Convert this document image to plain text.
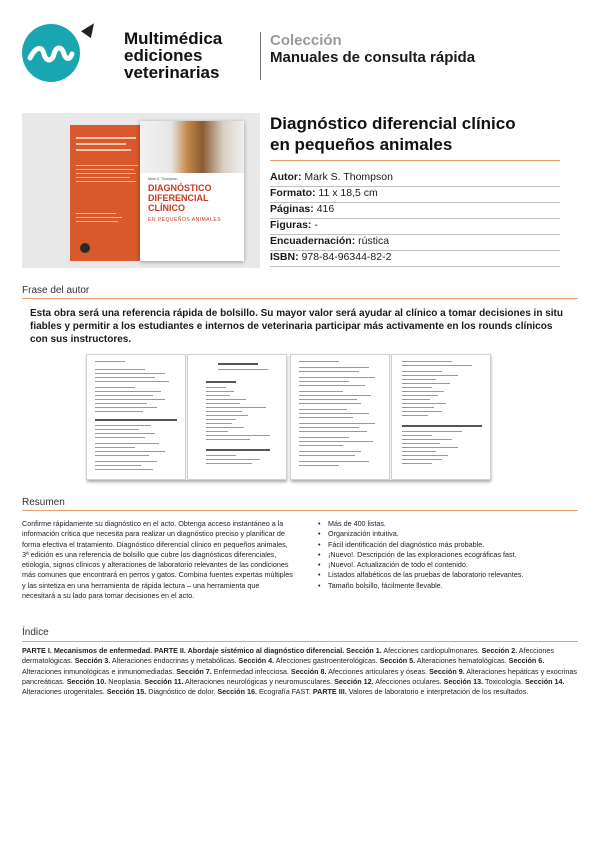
Multimédica
ediciones
veterinarias
Colección
Manuales de consulta rápida
Mark S. Thompson
DIAGNÓSTICO
DIFERENCIAL
CLÍNICO
EN PEQUEÑOS ANIMALES
Diagnóstico diferencial clínico
en pequeños animales
Autor: Mark S. Thompson
Formato: 11 x 18,5 cm
Páginas: 416
Figuras: -
Encuadernación: rústica
ISBN: 978-84-96344-82-2
Frase del autor
Esta obra será una referencia rápida de bolsillo. Su mayor valor será ayudar al clínico a tomar decisiones in situ fiables y permitir a los estudiantes e internos de veterinaria participar más activamente en los rounds clínicos con sus instructores.
Resumen
Confirme rápidamente su diagnóstico en el acto. Obtenga acceso instantáneo a la información crítica que necesita para realizar un diagnóstico preciso y planificar de forma efectiva el tratamiento. Diagnóstico diferencial clínico en pequeños animales, 3ª edición es una referencia de bolsillo que cubre los diagnósticos diferenciales, etiología, signos clínicos y alteraciones de laboratorio relevantes de las condiciones más comunes que encontrará en perros y gatos. Combina fuentes expertas múltiples y las sintetiza en una herramienta de rápida lectura – una herramienta que necesitará a su lado para tomar decisiones en el acto.
• Más de 400 listas.
• Organización intuitiva.
• Fácil identificación del diagnóstico más probable.
• ¡Nuevo!. Descripción de las exploraciones ecográficas fast.
• ¡Nuevo!. Actualización de todo el contenido.
• Listados alfabéticos de las pruebas de laboratorio relevantes.
• Tamaño bolsillo, fácilmente llevable.
Índice
PARTE I. Mecanismos de enfermedad. PARTE II. Abordaje sistémico al diagnóstico diferencial. Sección 1. Afecciones cardiopulmonares. Sección 2. Afecciones dermatológicas. Sección 3. Alteraciones endocrinas y metabólicas. Sección 4. Afecciones gastroenterológicas. Sección 5. Alteraciones hematológicas. Sección 6. Alteraciones inmunológicas e inmunomediadas. Sección 7. Enfermedad infecciosa. Sección 8. Afecciones articulares y óseas. Sección 9. Alteraciones hepáticas y exocrinas pancreáticas. Sección 10. Neoplasia. Sección 11. Alteraciones neurológicas y neuromusculares. Sección 12. Afecciones oculares. Sección 13. Toxicología. Sección 14. Alteraciones urogenitales. Sección 15. Diagnóstico de dolor. Sección 16. Ecografía FAST. PARTE III. Valores de laboratorio e interpretación de los resultados.
